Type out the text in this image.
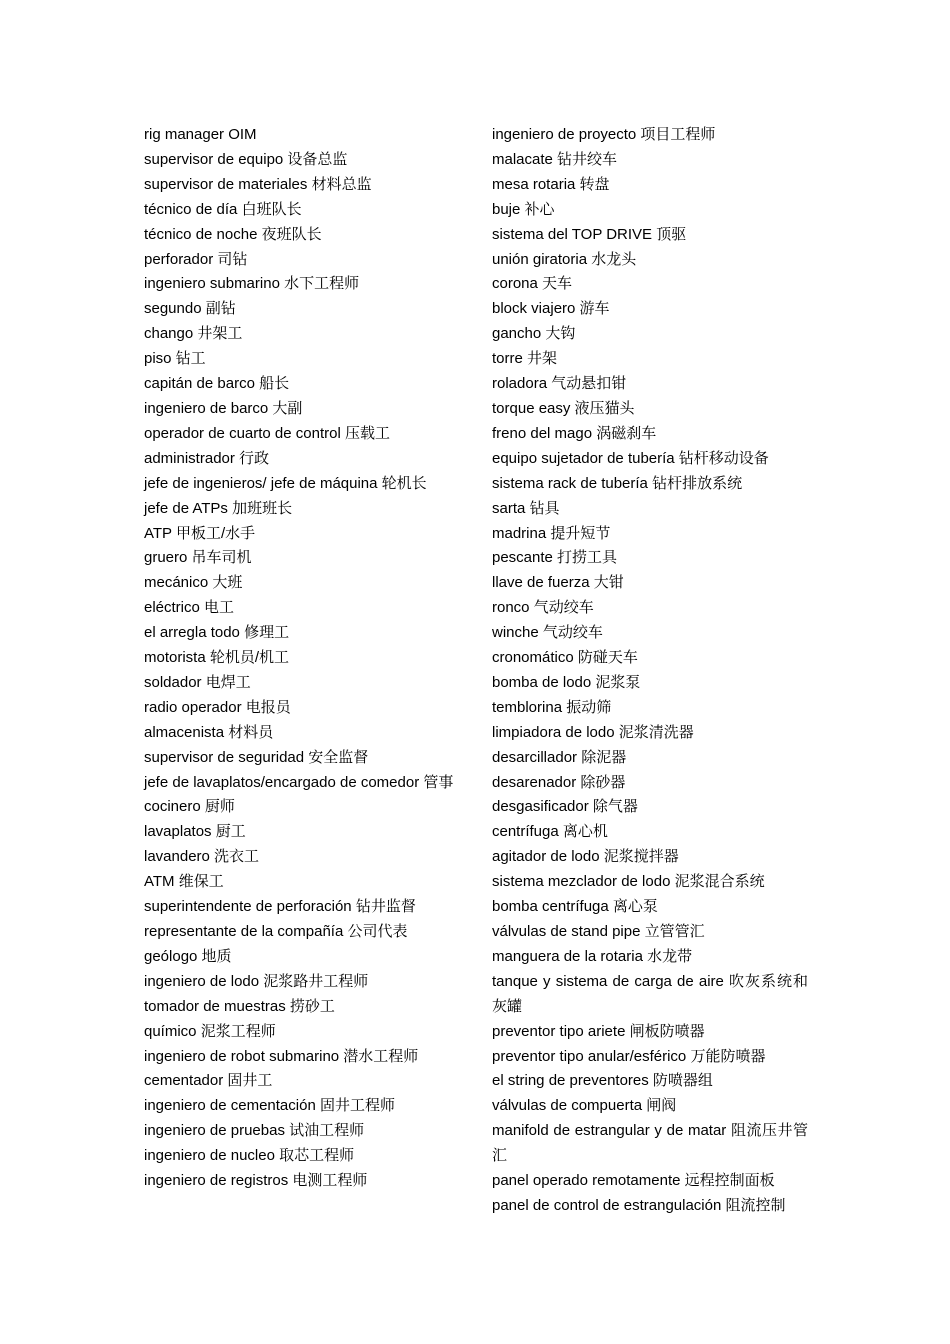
rig manager OIM
supervisor de equipo 设备总监
supervisor de materiales 材料总监
técnico de día 白班队长
técnico de noche 夜班队长
perforador 司钻
ingeniero submarino 水下工程师
segundo 副钻
chango 井架工
piso 钻工
capitán de barco 船长
ingeniero de barco 大副
operador de cuarto de control 压载工
administrador 行政
jefe de ingenieros/ jefe de máquina 轮机长
jefe de ATPs 加班班长
ATP 甲板工/水手
gruero 吊车司机
mecánico 大班
eléctrico 电工
el arregla todo 修理工
motorista 轮机员/机工
soldador 电焊工
radio operador 电报员
almacenista 材料员
supervisor de seguridad 安全监督
jefe de lavaplatos/encargado de comedor 管事
cocinero 厨师
lavaplatos 厨工
lavandero 洗衣工
ATM 维保工
superintendente de perforación 钻井监督
representante de la compañía 公司代表
geólogo 地质
ingeniero de lodo 泥浆路井工程师
tomador de muestras 捞砂工
químico 泥浆工程师
ingeniero de robot submarino 潜水工程师
cementador 固井工
ingeniero de cementación 固井工程师
ingeniero de pruebas 试油工程师
ingeniero de nucleo 取芯工程师
ingeniero de registros 电测工程师
ingeniero de proyecto 项目工程师
malacate 钻井绞车
mesa rotaria 转盘
buje 补心
sistema del TOP DRIVE 顶驱
unión giratoria 水龙头
corona 天车
block viajero 游车
gancho 大钩
torre 井架
roladora 气动悬扣钳
torque easy 液压猫头
freno del mago 涡磁刹车
equipo sujetador de tubería 钻杆移动设备
sistema rack de tubería 钻杆排放系统
sarta 钻具
madrina 提升短节
pescante 打捞工具
llave de fuerza 大钳
ronco 气动绞车
winche 气动绞车
cronomático 防碰天车
bomba de lodo 泥浆泵
temblorina 振动筛
limpiadora de lodo 泥浆清洗器
desarcillador 除泥器
desarenador 除砂器
desgasificador 除气器
centrífuga 离心机
agitador de lodo 泥浆搅拌器
sistema mezclador de lodo 泥浆混合系统
bomba centrífuga 离心泵
válvulas de stand pipe 立管管汇
manguera de la rotaria 水龙带
tanque y sistema de carga de aire 吹灰系统和灰罐
preventor tipo ariete 闸板防喷器
preventor tipo anular/esférico 万能防喷器
el string de preventores 防喷器组
válvulas de compuerta 闸阀
manifold de estrangular y de matar 阻流压井管汇
panel operado remotamente 远程控制面板
panel de control de estrangulación 阻流控制
